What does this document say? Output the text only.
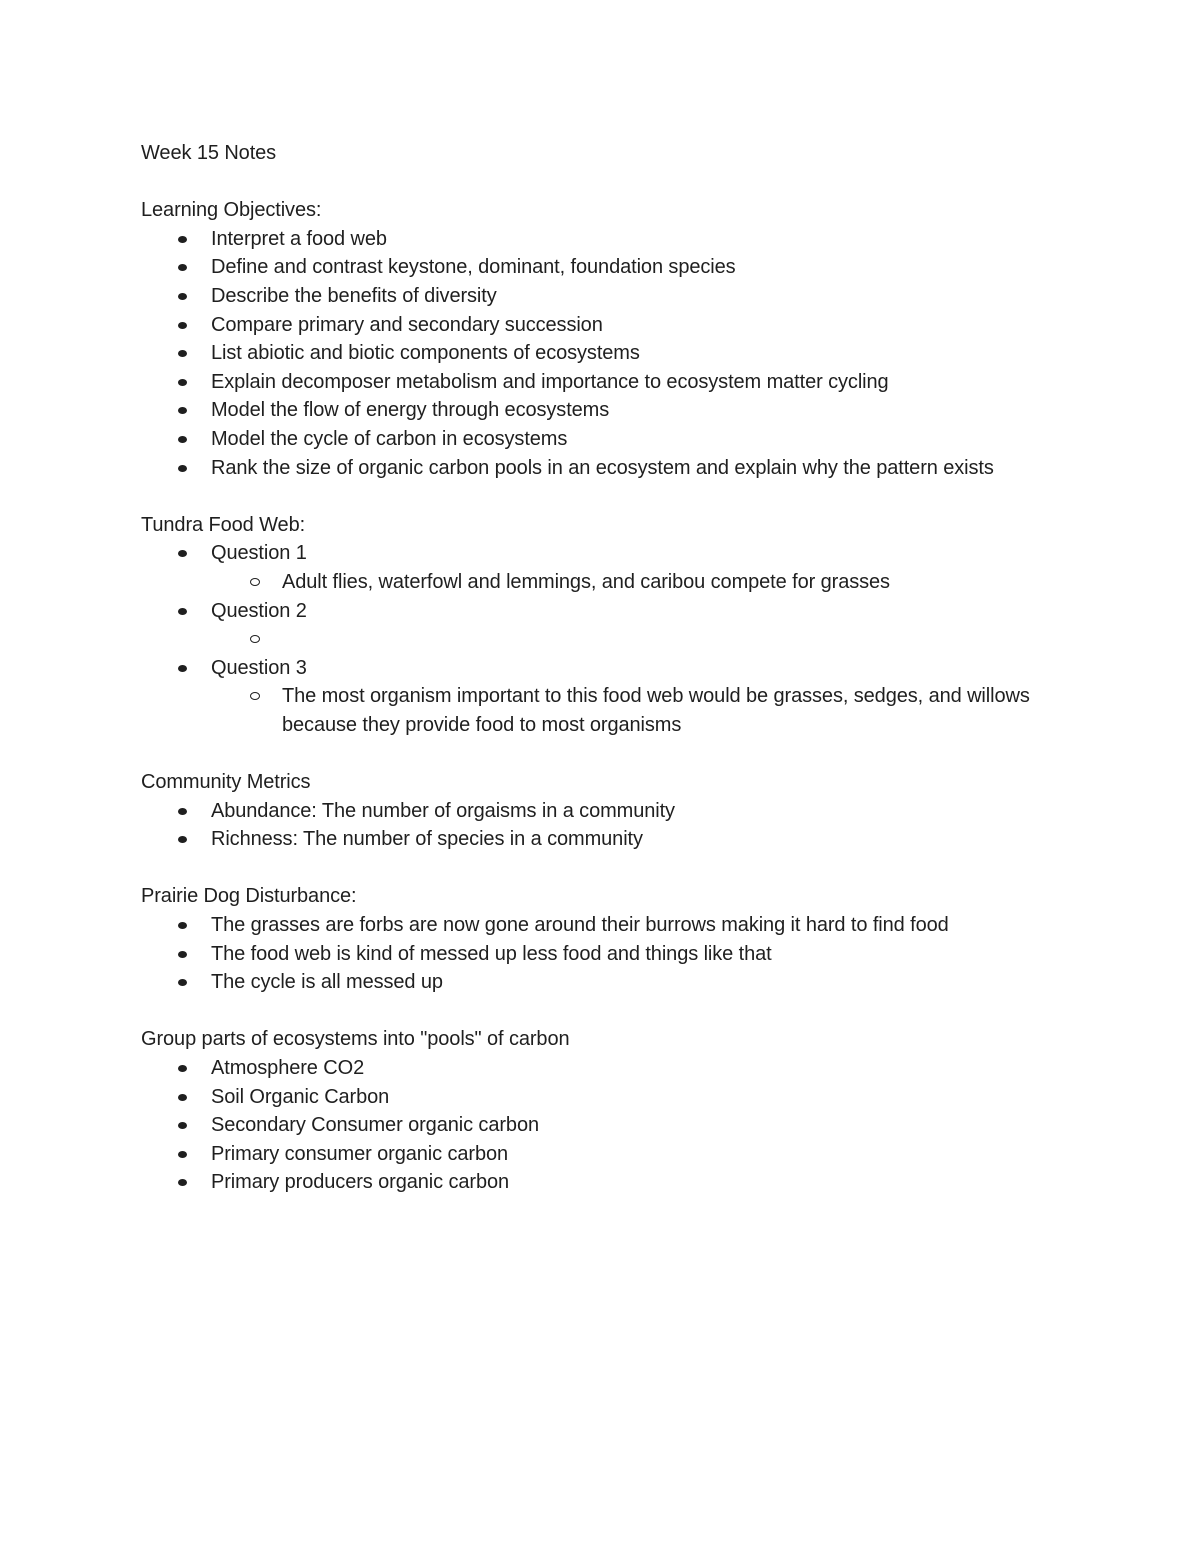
Week 15 Notes

Learning Objectives:

Interpret a food web
Define and contrast keystone, dominant, foundation species
Describe the benefits of diversity
Compare primary and secondary succession
List abiotic and biotic components of ecosystems
Explain decomposer metabolism and importance to ecosystem matter cycling
Model the flow of energy through ecosystems
Model the cycle of carbon in ecosystems
Rank the size of organic carbon pools in an ecosystem and explain why the pattern exists

Tundra Food Web:

Question 1
Adult flies, waterfowl and lemmings, and caribou compete for grasses
Question 2
Question 3
The most organism important to this food web would be grasses, sedges, and willows because they provide food to most organisms

Community Metrics

Abundance: The number of orgaisms in a community
Richness: The number of species in a community

Prairie Dog Disturbance:

The grasses are forbs are now gone around their burrows making it hard to find food
The food web is kind of messed up less food and things like that
The cycle is all messed up

Group parts of ecosystems into "pools" of carbon

Atmosphere CO2
Soil Organic Carbon
Secondary Consumer organic carbon
Primary consumer organic carbon
Primary producers organic carbon
